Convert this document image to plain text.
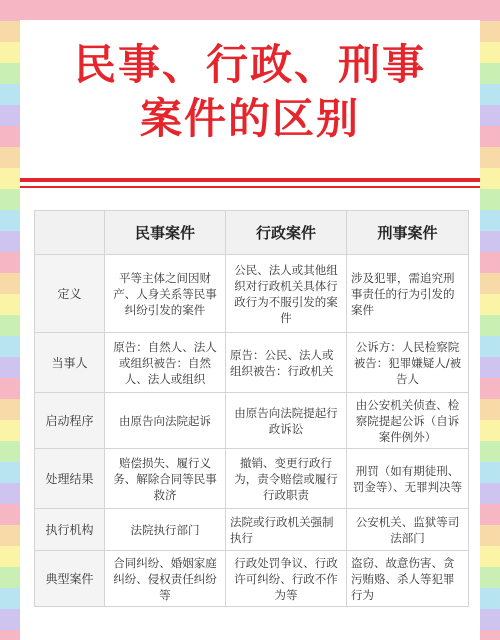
民事、行政、刑事
案件的区别
	民事案件	行政案件	刑事案件
定义	平等主体之间因财产、人身关系等民事纠纷引发的案件	公民、法人或其他组织对行政机关具体行政行为不服引发的案件	涉及犯罪，需追究刑事责任的行为引发的案件
当事人	原告：自然人、法人或组织被告：自然人、法人或组织	原告：公民、法人或组织被告：行政机关	公诉方：人民检察院被告：犯罪嫌疑人/被告人
启动程序	由原告向法院起诉	由原告向法院提起行政诉讼	由公安机关侦查、检察院提起公诉（自诉案件例外）
处理结果	赔偿损失、履行义务、解除合同等民事救济	撤销、变更行政行为，责令赔偿或履行行政职责	刑罚（如有期徒刑、罚金等）、无罪判决等
执行机构	法院执行部门	法院或行政机关强制执行	公安机关、监狱等司法部门
典型案件	合同纠纷、婚姻家庭纠纷、侵权责任纠纷等	行政处罚争议、行政许可纠纷、行政不作为等	盗窃、故意伤害、贪污贿赂、杀人等犯罪行为
